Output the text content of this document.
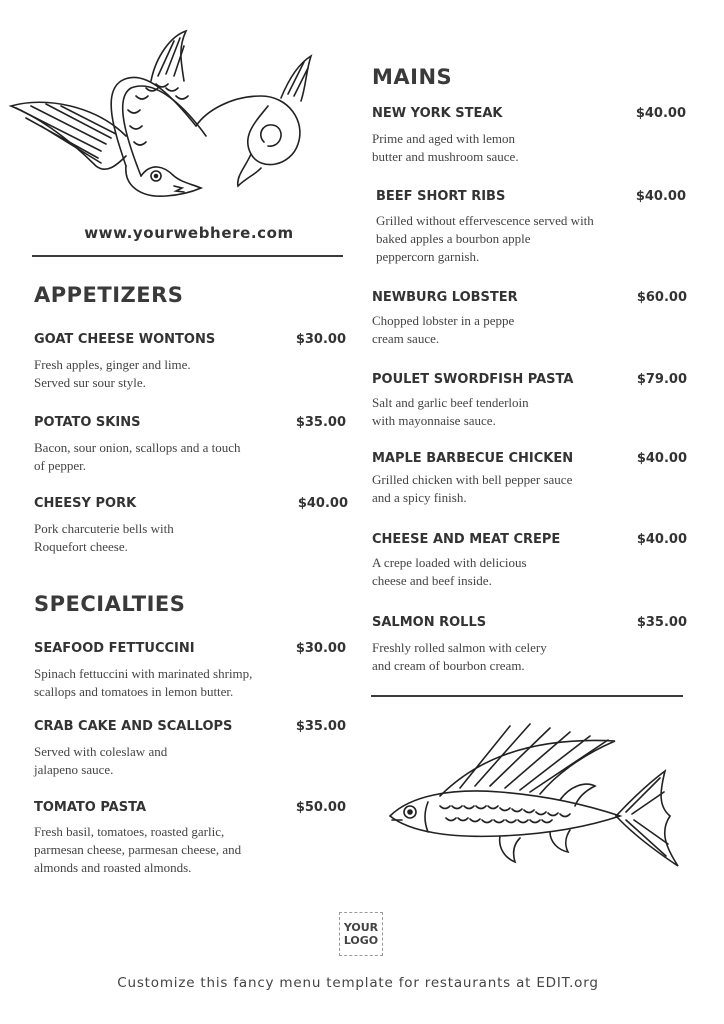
www.yourwebhere.com
APPETIZERS
GOAT CHEESE WONTONS	$30.00
Fresh apples, ginger and lime.
Served sur sour style.
POTATO SKINS	$35.00
Bacon, sour onion, scallops and a touch
of pepper.
CHEESY PORK	$40.00
Pork charcuterie bells with
Roquefort cheese.
SPECIALTIES
SEAFOOD FETTUCCINI	$30.00
Spinach fettuccini with marinated shrimp,
scallops and tomatoes in lemon butter.
CRAB CAKE AND SCALLOPS	$35.00
Served with coleslaw and
jalapeno sauce.
TOMATO PASTA	$50.00
Fresh basil, tomatoes, roasted garlic,
parmesan cheese, parmesan cheese, and
almonds and roasted almonds.
MAINS
NEW YORK STEAK	$40.00
Prime and aged with lemon
butter and mushroom sauce.
BEEF SHORT RIBS	$40.00
Grilled without effervescence served with
baked apples a bourbon apple
peppercorn garnish.
NEWBURG LOBSTER	$60.00
Chopped lobster in a peppe
cream sauce.
POULET SWORDFISH PASTA	$79.00
Salt and garlic beef tenderloin
with mayonnaise sauce.
MAPLE BARBECUE CHICKEN	$40.00
Grilled chicken with bell pepper sauce
and a spicy finish.
CHEESE AND MEAT CREPE	$40.00
A crepe loaded with delicious
cheese and beef inside.
SALMON ROLLS	$35.00
Freshly rolled salmon with celery
and cream of bourbon cream.
YOUR
LOGO
Customize this fancy menu template for restaurants at EDIT.org
